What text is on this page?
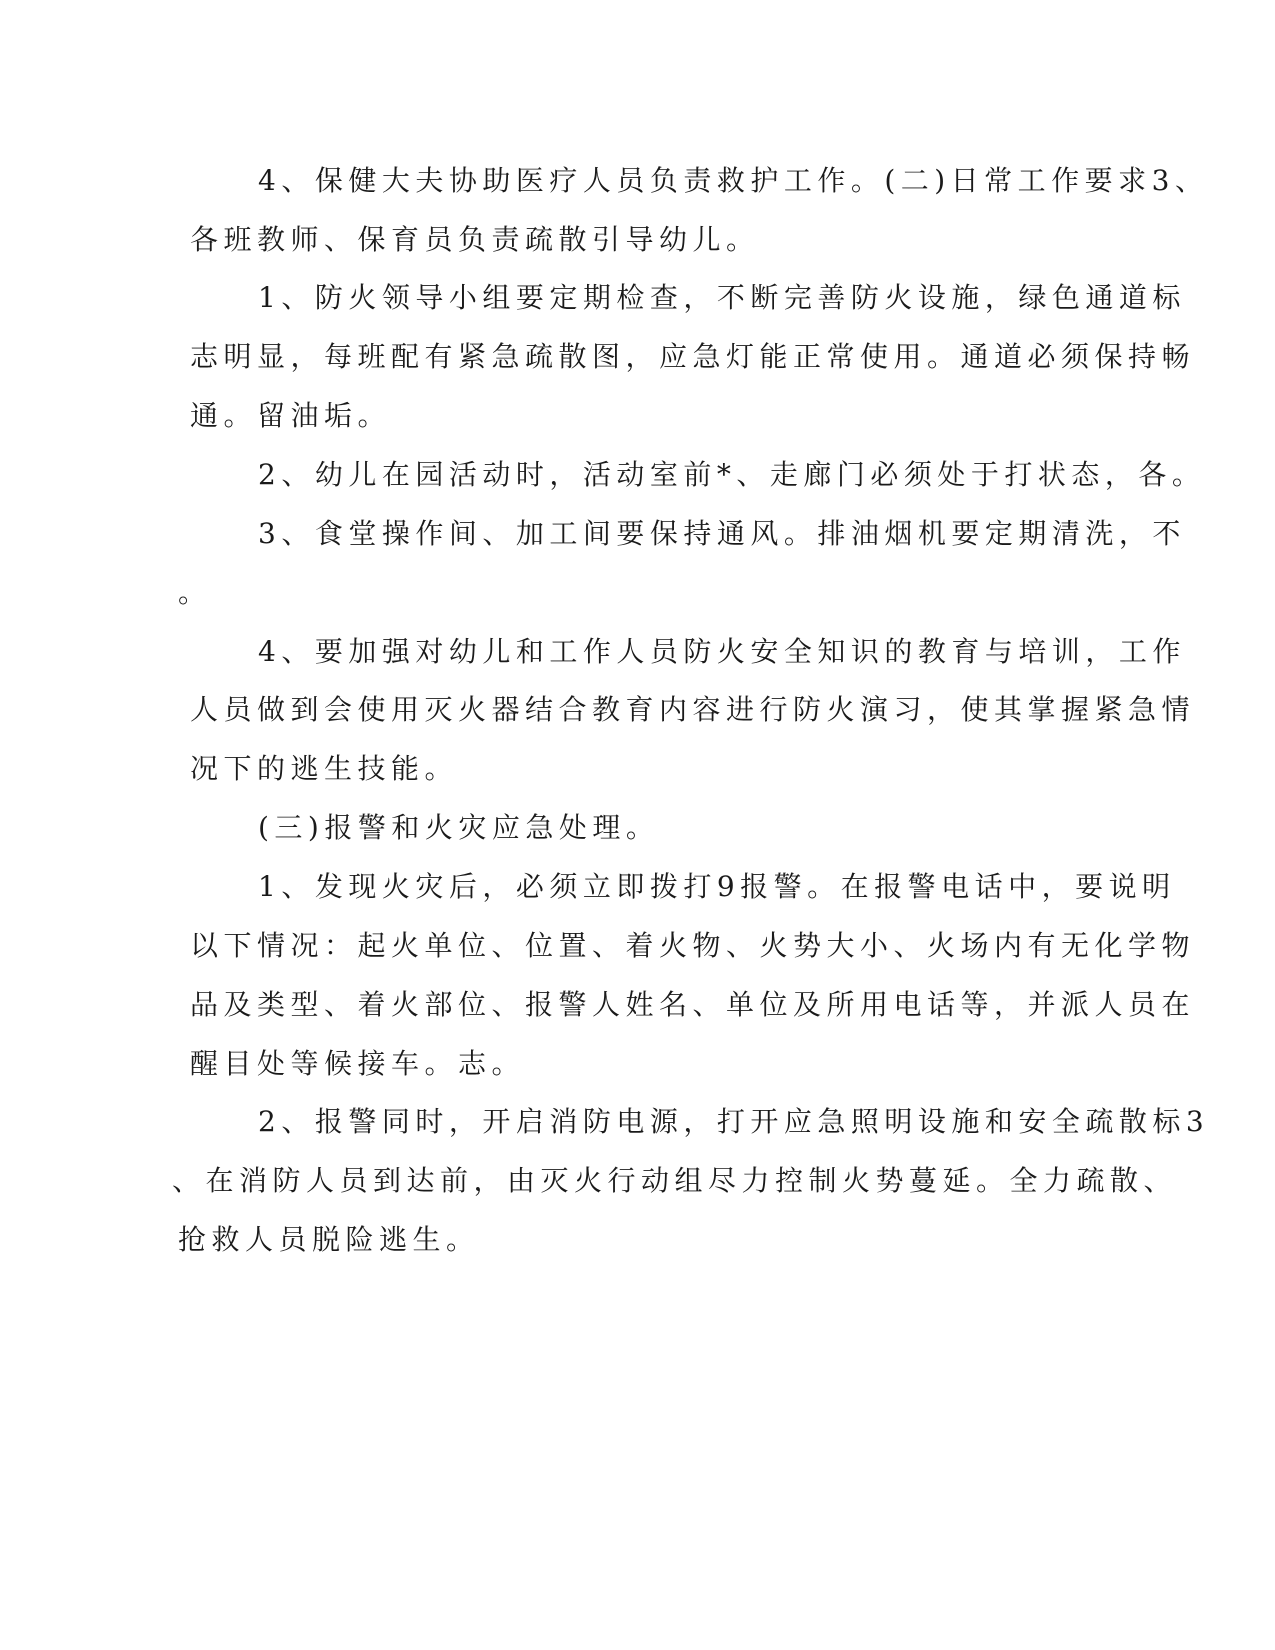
4、保健大夫协助医疗人员负责救护工作。(二)日常工作要求3、

各班教师、保育员负责疏散引导幼儿。

1、防火领导小组要定期检查，不断完善防火设施，绿色通道标

志明显，每班配有紧急疏散图，应急灯能正常使用。通道必须保持畅

通。留油垢。

2、幼儿在园活动时，活动室前*、走廊门必须处于打状态，各。

3、食堂操作间、加工间要保持通风。排油烟机要定期清洗，不

。

4、要加强对幼儿和工作人员防火安全知识的教育与培训，工作

人员做到会使用灭火器结合教育内容进行防火演习，使其掌握紧急情

况下的逃生技能。

(三)报警和火灾应急处理。

1、发现火灾后，必须立即拨打9报警。在报警电话中，要说明

以下情况：起火单位、位置、着火物、火势大小、火场内有无化学物

品及类型、着火部位、报警人姓名、单位及所用电话等，并派人员在

醒目处等候接车。志。

2、报警同时，开启消防电源，打开应急照明设施和安全疏散标3

、在消防人员到达前，由灭火行动组尽力控制火势蔓延。全力疏散、

抢救人员脱险逃生。
